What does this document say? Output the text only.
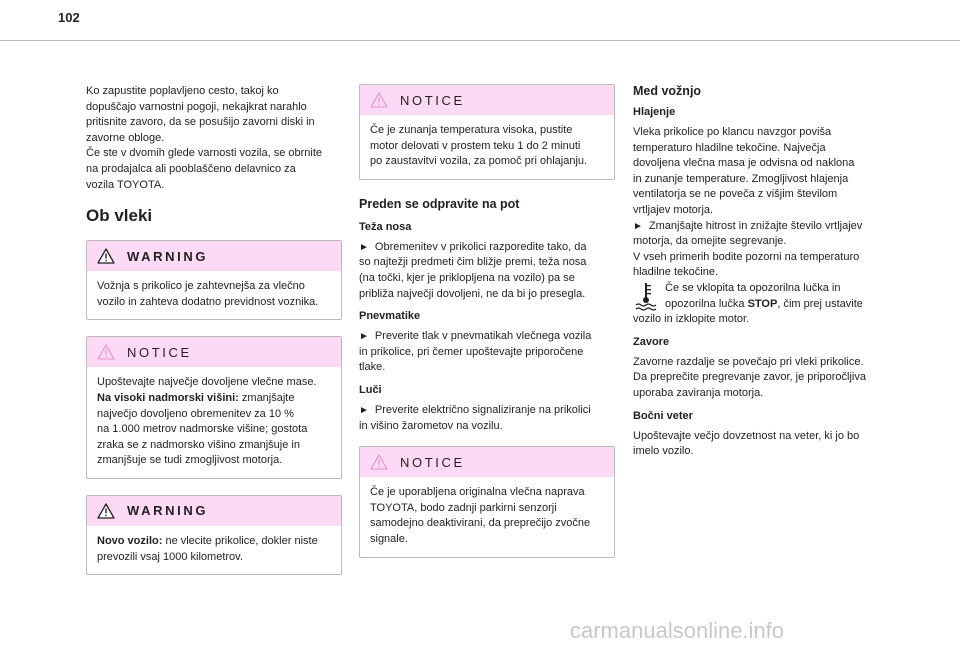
102

Ko zapustite poplavljeno cesto, takoj ko
dopuščajo varnostni pogoji, nekajkrat narahlo
pritisnite zavoro, da se posušijo zavorni diski in
zavorne obloge.
Če ste v dvomih glede varnosti vozila, se obrnite
na prodajalca ali pooblaščeno delavnico za
vozila TOYOTA.

Ob vleki
WARNING

Vožnja s prikolico je zahtevnejša za vlečno
vozilo in zahteva dodatno previdnost voznika.

NOTICE

Upoštevajte največje dovoljene vlečne mase.
Na visoki nadmorski višini: zmanjšajte
največjo dovoljeno obremenitev za 10 %
na 1.000 metrov nadmorske višine; gostota
zraka se z nadmorsko višino zmanjšuje in
zmanjšuje se tudi zmogljivost motorja.

WARNING

Novo vozilo: ne vlecite prikolice, dokler niste
prevozili vsaj 1000 kilometrov.

NOTICE

Če je zunanja temperatura visoka, pustite
motor delovati v prostem teku 1 do 2 minuti
po zaustavitvi vozila, za pomoč pri ohlajanju.

Preden se odpravite na pot
Teža nosa

► Obremenitev v prikolici razporedite tako, da
so najtežji predmeti čim bližje premi, teža nosa
(na točki, kjer je priklopljena na vozilo) pa se
približa največji dovoljeni, ne da bi jo presegla.

Pnevmatike

► Preverite tlak v pnevmatikah vlečnega vozila
in prikolice, pri čemer upoštevajte priporočene
tlake.

Luči

► Preverite električno signaliziranje na prikolici
in višino žarometov na vozilu.

NOTICE

Če je uporabljena originalna vlečna naprava
TOYOTA, bodo zadnji parkirni senzorji
samodejno deaktivirani, da preprečijo zvočne
signale.

Med vožnjo
Hlajenje

Vleka prikolice po klancu navzgor poviša
temperaturo hladilne tekočine. Največja
dovoljena vlečna masa je odvisna od naklona
in zunanje temperature. Zmogljivost hlajenja
ventilatorja se ne poveča z višjim številom
vrtljajev motorja.
► Zmanjšajte hitrost in znižajte število vrtljajev
motorja, da omejite segrevanje.
V vseh primerih bodite pozorni na temperaturo
hladilne tekočine.

Če se vklopita ta opozorilna lučka in
opozorilna lučka STOP, čim prej ustavite

vozilo in izklopite motor.

Zavore

Zavorne razdalje se povečajo pri vleki prikolice.
Da preprečite pregrevanje zavor, je priporočljiva
uporaba zaviranja motorja.

Bočni veter

Upoštevajte večjo dovzetnost na veter, ki jo bo
imelo vozilo.

carmanualsonline.info
